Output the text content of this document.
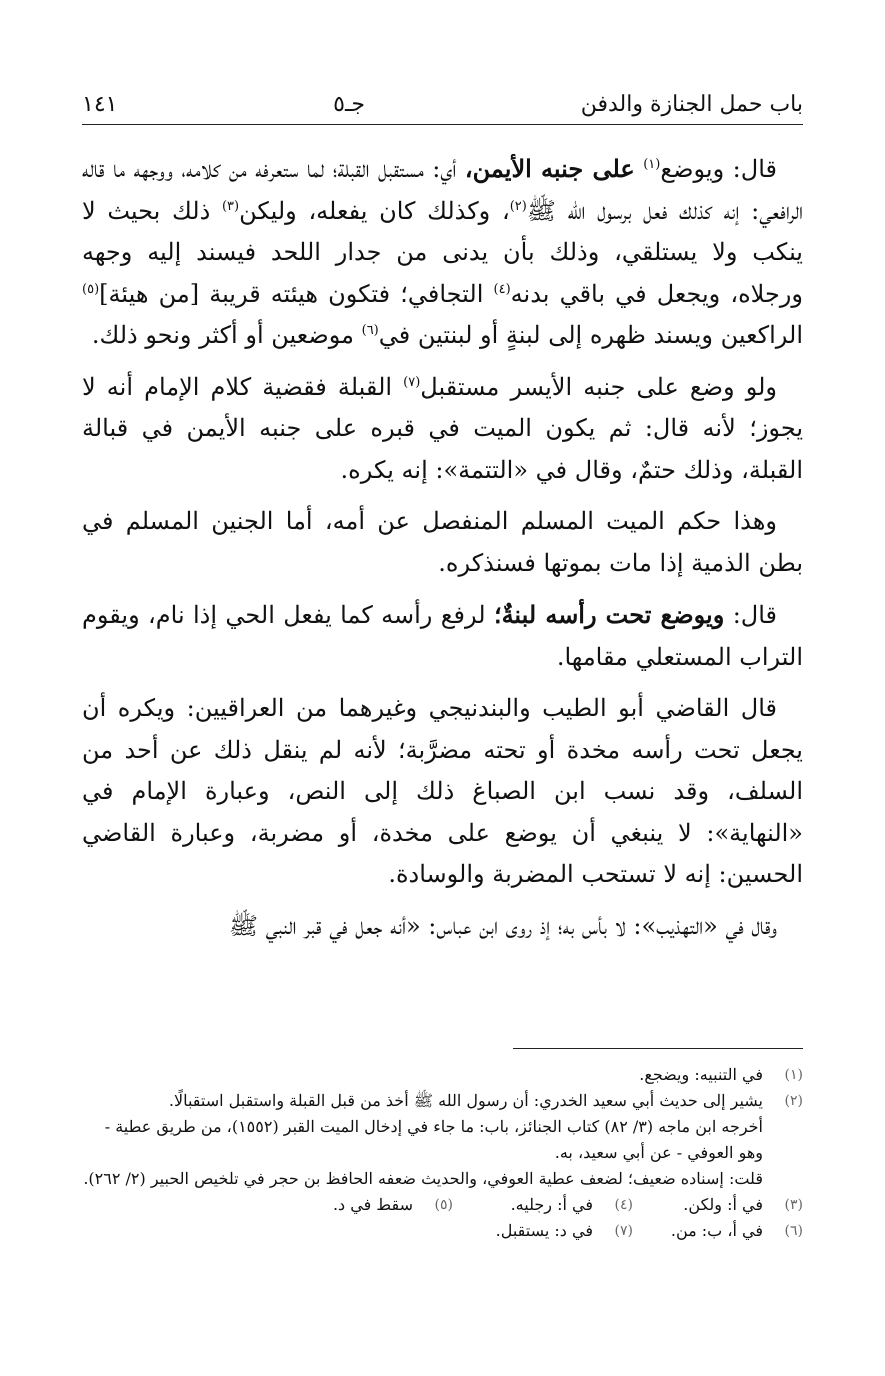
باب حمل الجنازة والدفن
جـ٥
١٤١

قال: ويوضع$^{(١)}$ على جنبه الأيمن، أي: مستقبل القبلة؛ لما ستعرفه من كلامه، ووجهه ما قاله الرافعي: إنه كذلك فعل برسول الله ﷺ$^{(٢)}$، وكذلك كان يفعله، وليكن$^{(٣)}$ ذلك بحيث لا ينكب ولا يستلقي، وذلك بأن يدنى من جدار اللحد فيسند إليه وجهه ورجلاه، ويجعل في باقي بدنه$^{(٤)}$ التجافي؛ فتكون هيئته قريبة [من هيئة]$^{(٥)}$ الراكعين ويسند ظهره إلى لبنةٍ أو لبنتين في$^{(٦)}$ موضعين أو أكثر ونحو ذلك.

ولو وضع على جنبه الأيسر مستقبل$^{(٧)}$ القبلة فقضية كلام الإمام أنه لا يجوز؛ لأنه قال: ثم يكون الميت في قبره على جنبه الأيمن في قبالة القبلة، وذلك حتمٌ، وقال في «التتمة»: إنه يكره.

وهذا حكم الميت المسلم المنفصل عن أمه، أما الجنين المسلم في بطن الذمية إذا مات بموتها فسنذكره.

قال: ويوضع تحت رأسه لبنةٌ؛ لرفع رأسه كما يفعل الحي إذا نام، ويقوم التراب المستعلي مقامها.

قال القاضي أبو الطيب والبندنيجي وغيرهما من العراقيين: ويكره أن يجعل تحت رأسه مخدة أو تحته مضرَّبة؛ لأنه لم ينقل ذلك عن أحد من السلف، وقد نسب ابن الصباغ ذلك إلى النص، وعبارة الإمام في «النهاية»: لا ينبغي أن يوضع على مخدة، أو مضربة، وعبارة القاضي الحسين: إنه لا تستحب المضربة والوسادة.

وقال في «التهذيب»: لا بأس به؛ إذ روى ابن عباس: «أنه جعل في قبر النبي ﷺ

(١)
في التنبيه: ويضجع.
(٢)
يشير إلى حديث أبي سعيد الخدري: أن رسول الله ﷺ أخذ من قبل القبلة واستقبل استقبالًا.
أخرجه ابن ماجه (٣/ ٨٢) كتاب الجنائز، باب: ما جاء في إدخال الميت القبر (١٥٥٢)، من طريق عطية - وهو العوفي - عن أبي سعيد، به.
قلت: إسناده ضعيف؛ لضعف عطية العوفي، والحديث ضعفه الحافظ بن حجر في تلخيص الحبير (٢/ ٢٦٢).
(٣)
في أ: ولكن.
(٤)
في أ: رجليه.
(٥)
سقط في د.
(٦)
في أ، ب: من.
(٧)
في د: يستقبل.
